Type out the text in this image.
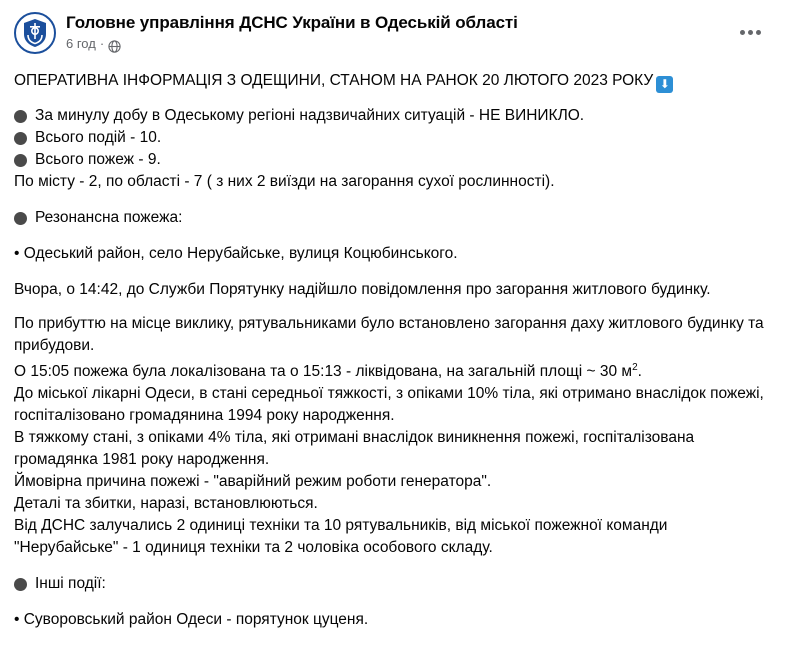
Головне управління ДСНС України в Одеській області
6 год ·

ОПЕРАТИВНА ІНФОРМАЦІЯ З ОДЕЩИНИ, СТАНОМ НА РАНОК 20 ЛЮТОГО 2023 РОКУ ⬇

За минулу добу в Одеському регіоні надзвичайних ситуацій - НЕ ВИНИКЛО.
Всього подій - 10.
Всього пожеж - 9.

По місту - 2, по області - 7 ( з них 2 виїзди на загорання сухої рослинності).

Резонансна пожежа:

• Одеський район, село Нерубайське, вулиця Коцюбинського.

Вчора, о 14:42, до Служби Порятунку надійшло повідомлення про загорання житлового будинку.

По прибуттю на місце виклику, рятувальниками було встановлено загорання даху житлового будинку та прибудови.

О 15:05 пожежа була локалізована та о 15:13 - ліквідована, на загальній площі ~ 30 $м^2$.

До міської лікарні Одеси, в стані середньої тяжкості, з опіками 10% тіла, які отримано внаслідок пожежі, госпіталізовано громадянина 1994 року народження.

В тяжкому стані, з опіками 4% тіла, які отримані внаслідок виникнення пожежі, госпіталізована громадянка 1981 року народження.

Ймовірна причина пожежі - "аварійний режим роботи генератора".

Деталі та збитки, наразі, встановлюються.

Від ДСНС залучались 2 одиниці техніки та 10 рятувальників, від міської пожежної команди "Нерубайське" - 1 одиниця техніки та 2 чоловіка особового складу.

Інші події:

• Суворовський район Одеси - порятунок цуценя.
